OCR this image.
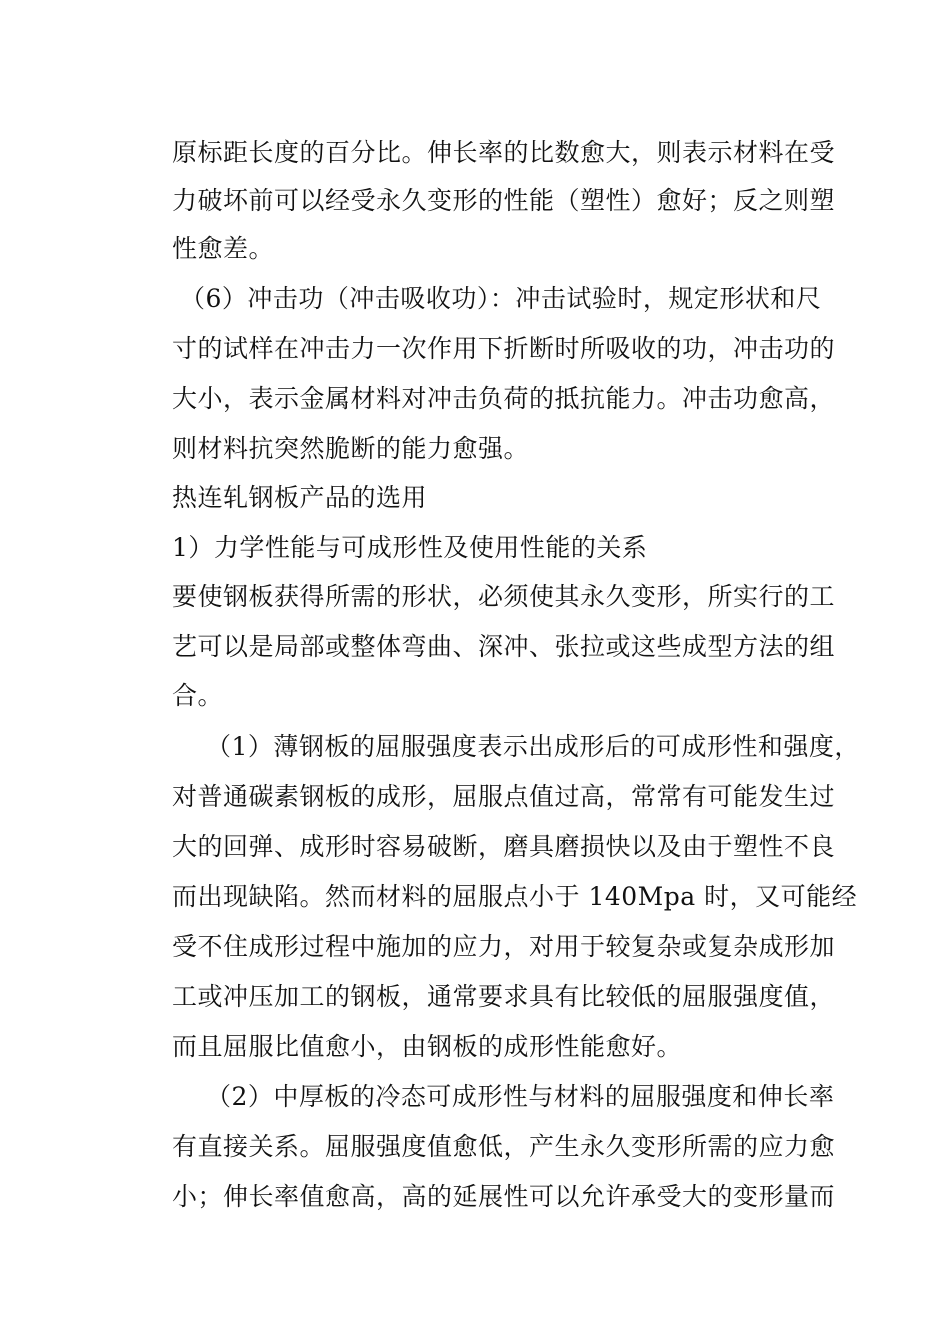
原标距长度的百分比。伸长率的比数愈大，则表示材料在受
力破坏前可以经受永久变形的性能（塑性）愈好；反之则塑
性愈差。
（6）冲击功（冲击吸收功）：冲击试验时，规定形状和尺
寸的试样在冲击力一次作用下折断时所吸收的功，冲击功的
大小，表示金属材料对冲击负荷的抵抗能力。冲击功愈高，
则材料抗突然脆断的能力愈强。
热连轧钢板产品的选用
1）力学性能与可成形性及使用性能的关系
要使钢板获得所需的形状，必须使其永久变形，所实行的工
艺可以是局部或整体弯曲、深冲、张拉或这些成型方法的组
合。
（1）薄钢板的屈服强度表示出成形后的可成形性和强度，
对普通碳素钢板的成形，屈服点值过高，常常有可能发生过
大的回弹、成形时容易破断，磨具磨损快以及由于塑性不良
而出现缺陷。然而材料的屈服点小于 140Mpa 时，又可能经
受不住成形过程中施加的应力，对用于较复杂或复杂成形加
工或冲压加工的钢板，通常要求具有比较低的屈服强度值，
而且屈服比值愈小，由钢板的成形性能愈好。
（2）中厚板的冷态可成形性与材料的屈服强度和伸长率
有直接关系。屈服强度值愈低，产生永久变形所需的应力愈
小；伸长率值愈高，高的延展性可以允许承受大的变形量而
